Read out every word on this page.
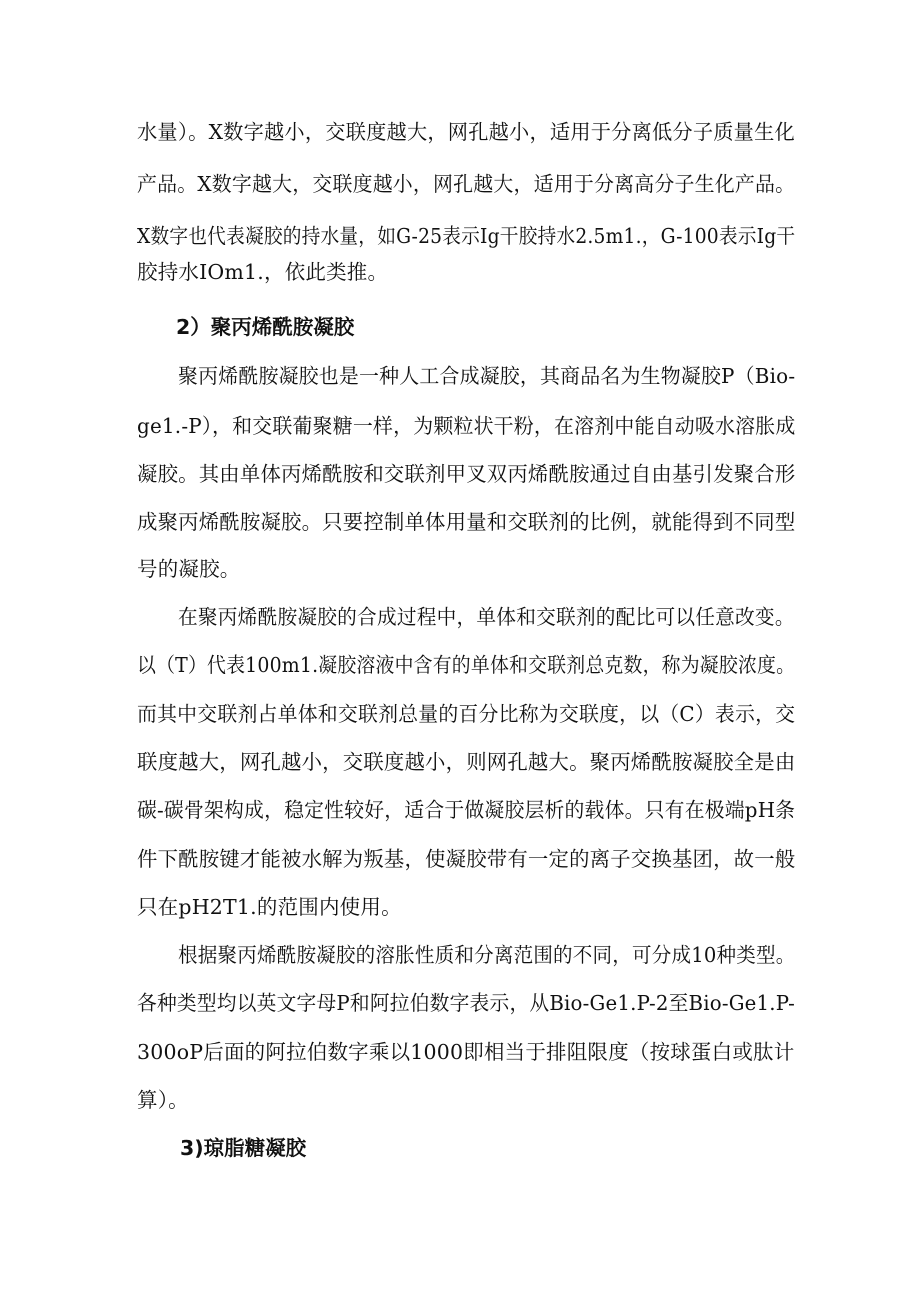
水量）。X数字越小，交联度越大，网孔越小，适用于分离低分子质量生化
产品。X数字越大，交联度越小，网孔越大，适用于分离高分子生化产品。
X数字也代表凝胶的持水量，如G-25表示Ig干胶持水2.5m1.，G-100表示Ig干
胶持水IOm1.，依此类推。
2）聚丙烯酰胺凝胶
聚丙烯酰胺凝胶也是一种人工合成凝胶，其商品名为生物凝胶P（Bio-
ge1.-P），和交联葡聚糖一样，为颗粒状干粉，在溶剂中能自动吸水溶胀成
凝胶。其由单体丙烯酰胺和交联剂甲叉双丙烯酰胺通过自由基引发聚合形
成聚丙烯酰胺凝胶。只要控制单体用量和交联剂的比例，就能得到不同型
号的凝胶。
在聚丙烯酰胺凝胶的合成过程中，单体和交联剂的配比可以任意改变。
以（T）代表100m1.凝胶溶液中含有的单体和交联剂总克数，称为凝胶浓度。
而其中交联剂占单体和交联剂总量的百分比称为交联度，以（C）表示，交
联度越大，网孔越小，交联度越小，则网孔越大。聚丙烯酰胺凝胶全是由
碳-碳骨架构成，稳定性较好，适合于做凝胶层析的载体。只有在极端pH条
件下酰胺键才能被水解为叛基，使凝胶带有一定的离子交换基团，故一般
只在pH2T1.的范围内使用。
根据聚丙烯酰胺凝胶的溶胀性质和分离范围的不同，可分成10种类型。
各种类型均以英文字母P和阿拉伯数字表示，从Bio-Ge1.P-2至Bio-Ge1.P-
300oP后面的阿拉伯数字乘以1000即相当于排阻限度（按球蛋白或肽计
算）。
3)琼脂糖凝胶
